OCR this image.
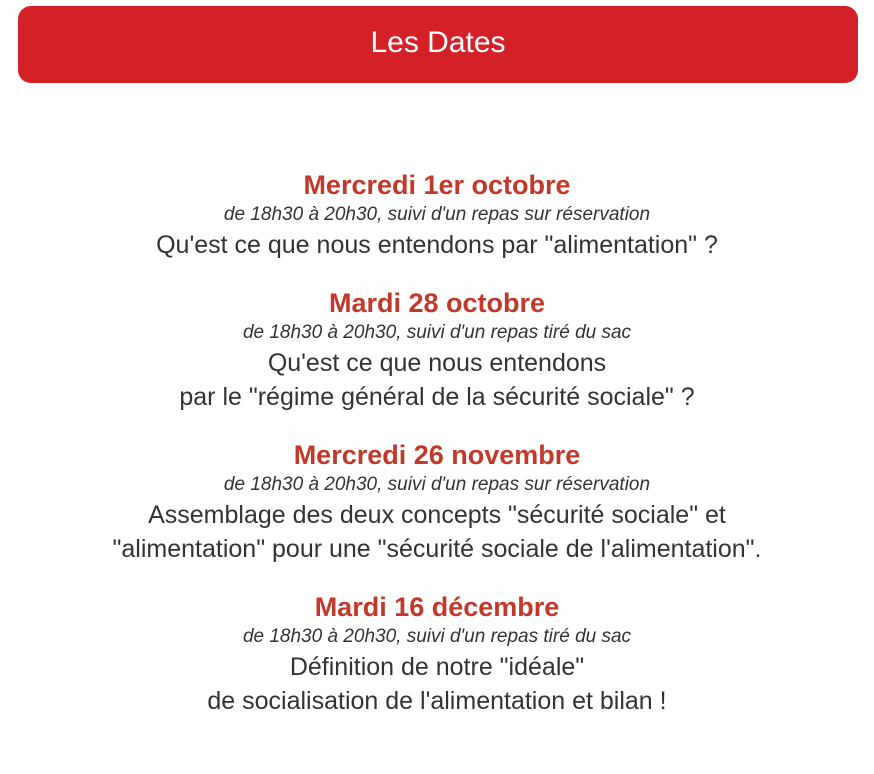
Les Dates
Mercredi 1er octobre
de 18h30 à 20h30, suivi d'un repas sur réservation
Qu'est ce que nous entendons par "alimentation" ?
Mardi 28 octobre
de 18h30 à 20h30, suivi d'un repas tiré du sac
Qu'est ce que nous entendons
par le "régime général de la sécurité sociale" ?
Mercredi 26 novembre
de 18h30 à 20h30, suivi d'un repas sur réservation
Assemblage des deux concepts "sécurité sociale" et
"alimentation" pour une "sécurité sociale de l'alimentation".
Mardi 16 décembre
de 18h30 à 20h30, suivi d'un repas tiré du sac
Définition de notre "idéale"
de socialisation de l'alimentation et bilan !
